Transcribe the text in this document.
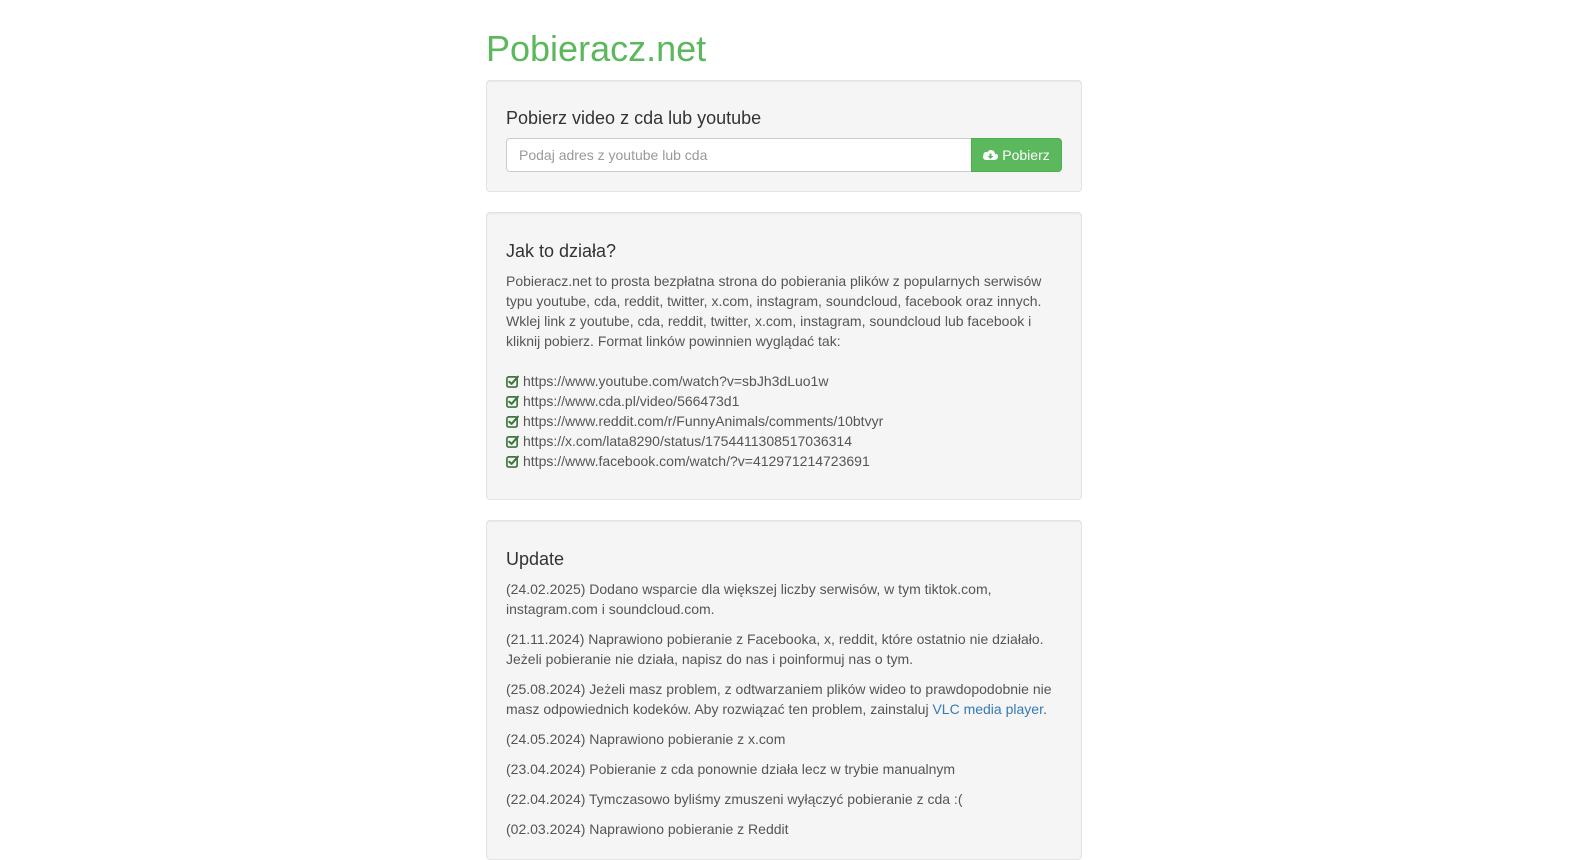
Pobieracz.net
Pobierz video z cda lub youtube
Podaj adres z youtube lub cda
Pobierz
Jak to działa?

Pobieracz.net to prosta bezpłatna strona do pobierania plików z popularnych serwisów typu youtube, cda, reddit, twitter, x.com, instagram, soundcloud, facebook oraz innych. Wklej link z youtube, cda, reddit, twitter, x.com, instagram, soundcloud lub facebook i kliknij pobierz. Format linków powinnien wyglądać tak:

https://www.youtube.com/watch?v=sbJh3dLuo1w
https://www.cda.pl/video/566473d1
https://www.reddit.com/r/FunnyAnimals/comments/10btvyr
https://x.com/lata8290/status/1754411308517036314
https://www.facebook.com/watch/?v=412971214723691
Update

(24.02.2025) Dodano wsparcie dla większej liczby serwisów, w tym tiktok.com, instagram.com i soundcloud.com.

(21.11.2024) Naprawiono pobieranie z Facebooka, x, reddit, które ostatnio nie działało. Jeżeli pobieranie nie działa, napisz do nas i poinformuj nas o tym.

(25.08.2024) Jeżeli masz problem, z odtwarzaniem plików wideo to prawdopodobnie nie masz odpowiednich kodeków. Aby rozwiązać ten problem, zainstaluj VLC media player.

(24.05.2024) Naprawiono pobieranie z x.com

(23.04.2024) Pobieranie z cda ponownie działa lecz w trybie manualnym

(22.04.2024) Tymczasowo byliśmy zmuszeni wyłączyć pobieranie z cda :(

(02.03.2024) Naprawiono pobieranie z Reddit
